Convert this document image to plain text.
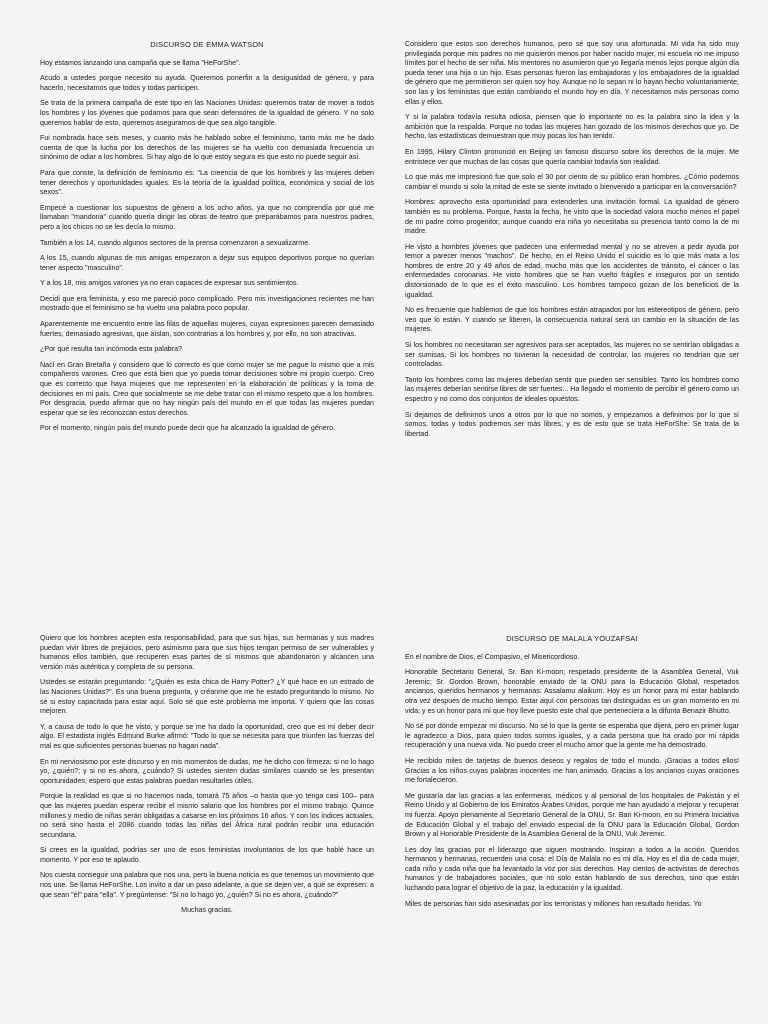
DISCURSO DE EMMA WATSON

Hoy estamos lanzando una campaña que se llama "HeForShe".

Acudo a ustedes porque necesito su ayuda. Queremos ponerfin a la desigualdad de género, y para hacerlo, necesitamos que todos y todas participen.

Se trata de la primera campaña de este tipo en las Naciones Unidas: queremos tratar de mover a todos los hombres y los jóvenes que podamos para que sean defensores de la igualdad de género. Y no solo queremos hablar de esto, queremos asegurarnos de que sea algo tangible.

Fui nombrada hace seis meses, y cuanto más he hablado sobre el feminismo, tanto más me he dado cuenta de que la lucha por los derechos de las mujeres se ha vuelto con demasiada frecuencia un sinónimo de odiar a los hombres. Si hay algo de lo que estoy segura es que esto no puede seguir así.

Para que conste, la definición de feminismo es: "La creencia de que los hombres y las mujeres deben tener derechos y oportunidades iguales. Es la teoría de la igualdad política, económica y social de los sexos".

Empecé a cuestionar los supuestos de género a los ocho años, ya que no comprendía por qué me llamaban "mandona" cuando quería dirigir las obras de teatro que preparábamos para nuestros padres, pero a los chicos no se les decía lo mismo.

También a los 14, cuando algunos sectores de la prensa comenzaron a sexualizarme.

A los 15, cuando algunas de mis amigas empezaron a dejar sus equipos deportivos porque no querían tener aspecto "masculino".

Y a los 18, mis amigos varones ya no eran capaces de expresar sus sentimientos.

Decidí que era feminista, y eso me pareció poco complicado. Pero mis investigaciones recientes me han mostrado que el feminismo se ha vuelto una palabra poco popular.

Aparentemente me encuentro entre las filas de aquellas mujeres, cuyas expresiones parecen demasiado fuertes, demasiado agresivas, que aíslan, son contrarias a los hombres y, por ello, no son atractivas.

¿Por qué resulta tan incómoda esta palabra?

Nací en Gran Bretaña y considero que lo correcto es que como mujer se me pague lo mismo que a mis compañeros varones. Creo que está bien que yo pueda tomar decisiones sobre mi propio cuerpo. Creo que es correcto que haya mujeres que me representen en la elaboración de políticas y la toma de decisiones en mi país. Creo que socialmente se me debe tratar con el mismo respeto que a los hombres. Por desgracia, puedo afirmar que no hay ningún país del mundo en el que todas las mujeres puedan esperar que se les reconozcan estos derechos.

Por el momento, ningún país del mundo puede decir que ha alcanzado la igualdad de género.

Considero que estos son derechos humanos, pero sé que soy una afortunada. Mi vida ha sido muy privilegiada porque mis padres no me quisieron menos por haber nacido mujer, mi escuela no me impuso límites por el hecho de ser niña. Mis mentores no asumieron que yo llegaría menos lejos porque algún día pueda tener una hija o un hijo. Esas personas fueron las embajadoras y los embajadores de la igualdad de género que me permitieron ser quien soy hoy. Aunque no lo sepan ni lo hayan hecho voluntariamente, son las y los feministas que están cambiando el mundo hoy en día. Y necesitamos más personas como ellas y ellos.

Y si la palabra todavía resulta odiosa, piensen que lo importante no es la palabra sino la idea y la ambición que la respalda. Porque no todas las mujeres han gozado de los mismos derechos que yo. De hecho, las estadísticas demuestran que muy pocas los han tenido.

En 1995, Hilary Clinton pronunció en Beijing un famoso discurso sobre los derechos de la mujer. Me entristece ver que muchas de las cosas que quería cambiar todavía son realidad.

Lo que más me impresionó fue que solo el 30 por ciento de su público eran hombres. ¿Cómo podemos cambiar el mundo si solo la mitad de este se siente invitado o bienvenido a participar en la conversación?

Hombres: aprovecho esta oportunidad para extenderles una invitación formal. La igualdad de género también es su problema. Porque, hasta la fecha, he visto que la sociedad valora mucho menos el papel de mi padre como progenitor, aunque cuando era niña yo necesitaba su presencia tanto como la de mi madre.

He visto a hombres jóvenes que padecen una enfermedad mental y no se atreven a pedir ayuda por temor a parecer menos "machos". De hecho, en el Reino Unido el suicidio es lo que más mata a los hombres de entre 20 y 49 años de edad, mucho más que los accidentes de tránsito, el cáncer o las enfermedades coronarias. He visto hombres que se han vuelto frágiles e inseguros por un sentido distorsionado de lo que es el éxito masculino. Los hombres tampoco gozan de los beneficios de la igualdad.

No es frecuente que hablemos de que los hombres están atrapados por los estereotipos de género, pero veo que lo están. Y cuando se liberen, la consecuencia natural será un cambio en la situación de las mujeres.

Si los hombres no necesitaran ser agresivos para ser aceptados, las mujeres no se sentirían obligadas a ser sumisas. Si los hombres no tuvieran la necesidad de controlar, las mujeres no tendrían que ser controladas.

Tanto los hombres como las mujeres deberían sentir que pueden ser sensibles. Tanto los hombres como las mujeres deberían sentirse libres de ser fuertes... Ha llegado el momento de percibir el género como un espectro y no como dos conjuntos de ideales opuestos.

Si dejamos de definirnos unos a otros por lo que no somos, y empezamos a definirnos por lo que sí somos, todas y todos podremos ser más libres, y es de esto que se trata HeForShe. Se trata de la libertad.

Quiero que los hombres acepten esta responsabilidad, para que sus hijas, sus hermanas y sus madres puedan vivir libres de prejuicios, pero asimismo para que sus hijos tengan permiso de ser vulnerables y humanos ellos también, que recuperen esas partes de sí mismos que abandonaron y alcancen una versión más auténtica y completa de su persona.

Ustedes se estarán preguntando: "¿Quién es esta chica de Harry Potter? ¿Y qué hace en un estrado de las Naciones Unidas?". Es una buena pregunta, y créanme que me he estado preguntando lo mismo. No sé si estoy capacitada para estar aquí. Solo sé que este problema me importa. Y quiero que las cosas mejoren.

Y, a causa de todo lo que he visto, y porque se me ha dado la oportunidad, creo que es mi deber decir algo. El estadista inglés Edmund Burke afirmó: "Todo lo que se necesita para que triunfen las fuerzas del mal es que suficientes personas buenas no hagan nada".

En mi nerviosismo por este discurso y en mis momentos de dudas, me he dicho con firmeza: si no lo hago yo, ¿quién?; y si no es ahora, ¿cuándo? Si ustedes sienten dudas similares cuando se les presentan oportunidades, espero que estas palabras puedan resultarles útiles.

Porque la realidad es que si no hacemos nada, tomará 75 años –o hasta que yo tenga casi 100– para que las mujeres puedan esperar recibir el mismo salario que los hombres por el mismo trabajo. Quince millones y medio de niñas serán obligadas a casarse en los próximos 16 años. Y con los índices actuales, no será sino hasta el 2086 cuando todas las niñas del África rural podrán recibir una educación secundaria.

Si crees en la igualdad, podrías ser uno de esos feministas involuntarios de los que hablé hace un momento. Y por eso te aplaudo.

Nos cuesta conseguir una palabra que nos una, pero la buena noticia es que tenemos un movimiento que nos une. Se llama HeForShe. Los invito a dar un paso adelante, a que se dejen ver, a que se expresen: a que sean "él" para "ella". Y pregúntense: "Si no lo hago yo, ¿quién? Si no es ahora, ¿cuándo?"

Muchas gracias.

DISCURSO DE MALALA YOUZAFSAI

En el nombre de Dios, el Compasivo, el Misericordioso.

Honorable Secretario General, Sr. Ban Ki-moon; respetado presidente de la Asamblea General, Vuk Jeremic; Sr. Gordon Brown, honorable enviado de la ONU para la Educación Global, respetados ancianos, queridos hermanos y hermanas: Assalamu alaikum. Hoy es un honor para mí estar hablando otra vez después de mucho tiempo. Estar aquí con personas tan distinguidas es un gran momento en mi vida; y es un honor para mí que hoy lleve puesto este chal que perteneciera a la difunta Benazir Bhutto.

No sé por dónde empezar mi discurso. No sé lo que la gente se esperaba que dijera, pero en primer lugar le agradezco a Dios, para quien todos somos iguales, y a cada persona que ha orado por mi rápida recuperación y una nueva vida. No puedo creer el mucho amor que la gente me ha demostrado.

He recibido miles de tarjetas de buenos deseos y regalos de todo el mundo. ¡Gracias a todos ellos! Gracias a los niños cuyas palabras inocentes me han animado. Gracias a los ancianos cuyas oraciones me fortalecieron.

Me gustaría dar las gracias a las enfermeras, médicos y al personal de los hospitales de Pakistán y el Reino Unido y al Gobierno de los Emiratos Árabes Unidos, porque me han ayudado a mejorar y recuperar mi fuerza. Apoyo plenamente al Secretario General de la ONU, Sr. Ban Ki-moon, en su Primera Iniciativa de Educación Global y el trabajo del enviado especial de la ONU para la Educación Global, Gordon Brown y al Honorable Presidente de la Asamblea General de la ONU, Vuk Jeremic.

Les doy las gracias por el liderazgo que siguen mostrando. Inspiran a todos a la acción. Queridos hermanos y hermanas, recuerden una cosa: el Día de Malala no es mi día. Hoy es el día de cada mujer, cada niño y cada niña que ha levantado la voz por sus derechos. Hay cientos de activistas de derechos humanos y de trabajadores sociales, que no solo están hablando de sus derechos, sino que están luchando para lograr el objetivo de la paz, la educación y la igualdad.

Miles de personas han sido asesinadas por los terroristas y millones han resultado heridas. Yo
